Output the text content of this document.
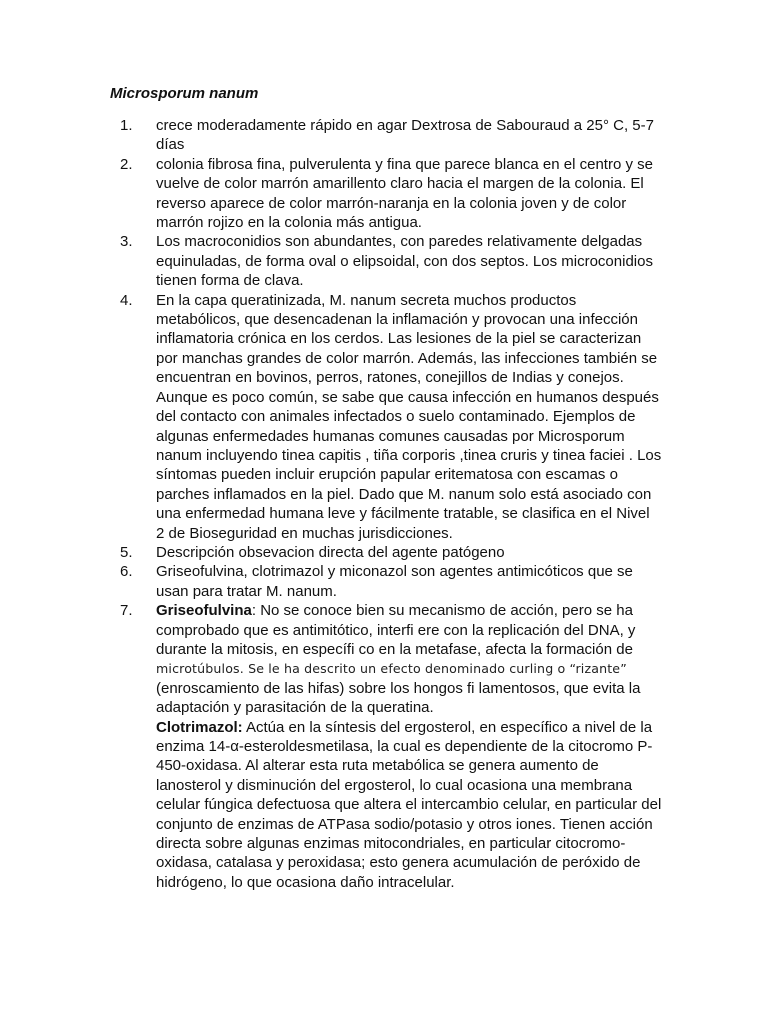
Microsporum nanum
1. crece moderadamente rápido en agar Dextrosa de Sabouraud a 25° C, 5-7 días
2. colonia fibrosa fina, pulverulenta y fina que parece blanca en el centro y se vuelve de color marrón amarillento claro hacia el margen de la colonia. El reverso aparece de color marrón-naranja en la colonia joven y de color marrón rojizo en la colonia más antigua.
3. Los macroconidios son abundantes, con paredes relativamente delgadas equinuladas, de forma oval o elipsoidal, con dos septos. Los microconidios tienen forma de clava.
4. En la capa queratinizada, M. nanum secreta muchos productos metabólicos, que desencadenan la inflamación y provocan una infección inflamatoria crónica en los cerdos. Las lesiones de la piel se caracterizan por manchas grandes de color marrón. Además, las infecciones también se encuentran en bovinos, perros, ratones, conejillos de Indias y conejos. Aunque es poco común, se sabe que causa infección en humanos después del contacto con animales infectados o suelo contaminado. Ejemplos de algunas enfermedades humanas comunes causadas por Microsporum nanum incluyendo tinea capitis , tiña corporis ,tinea cruris y tinea faciei . Los síntomas pueden incluir erupción papular eritematosa con escamas o parches inflamados en la piel. Dado que M. nanum solo está asociado con una enfermedad humana leve y fácilmente tratable, se clasifica en el Nivel 2 de Bioseguridad en muchas jurisdicciones.
5. Descripción obsevacion directa del agente patógeno
6. Griseofulvina, clotrimazol y miconazol son agentes antimicóticos que se usan para tratar M. nanum.
7. Griseofulvina: No se conoce bien su mecanismo de acción, pero se ha comprobado que es antimitótico, interfi ere con la replicación del DNA, y durante la mitosis, en específi co en la metafase, afecta la formación de microtúbulos. Se le ha descrito un efecto denominado curling o “rizante” (enroscamiento de las hifas) sobre los hongos fi lamentosos, que evita la adaptación y parasitación de la queratina.
Clotrimazol: Actúa en la síntesis del ergosterol, en específico a nivel de la enzima 14-α-esteroldesmetilasa, la cual es dependiente de la citocromo P-450-oxidasa. Al alterar esta ruta metabólica se genera aumento de lanosterol y disminución del ergosterol, lo cual ocasiona una membrana celular fúngica defectuosa que altera el intercambio celular, en particular del conjunto de enzimas de ATPasa sodio/potasio y otros iones. Tienen acción directa sobre algunas enzimas mitocondriales, en particular citocromo-oxidasa, catalasa y peroxidasa; esto genera acumulación de peróxido de hidrógeno, lo que ocasiona daño intracelular.
